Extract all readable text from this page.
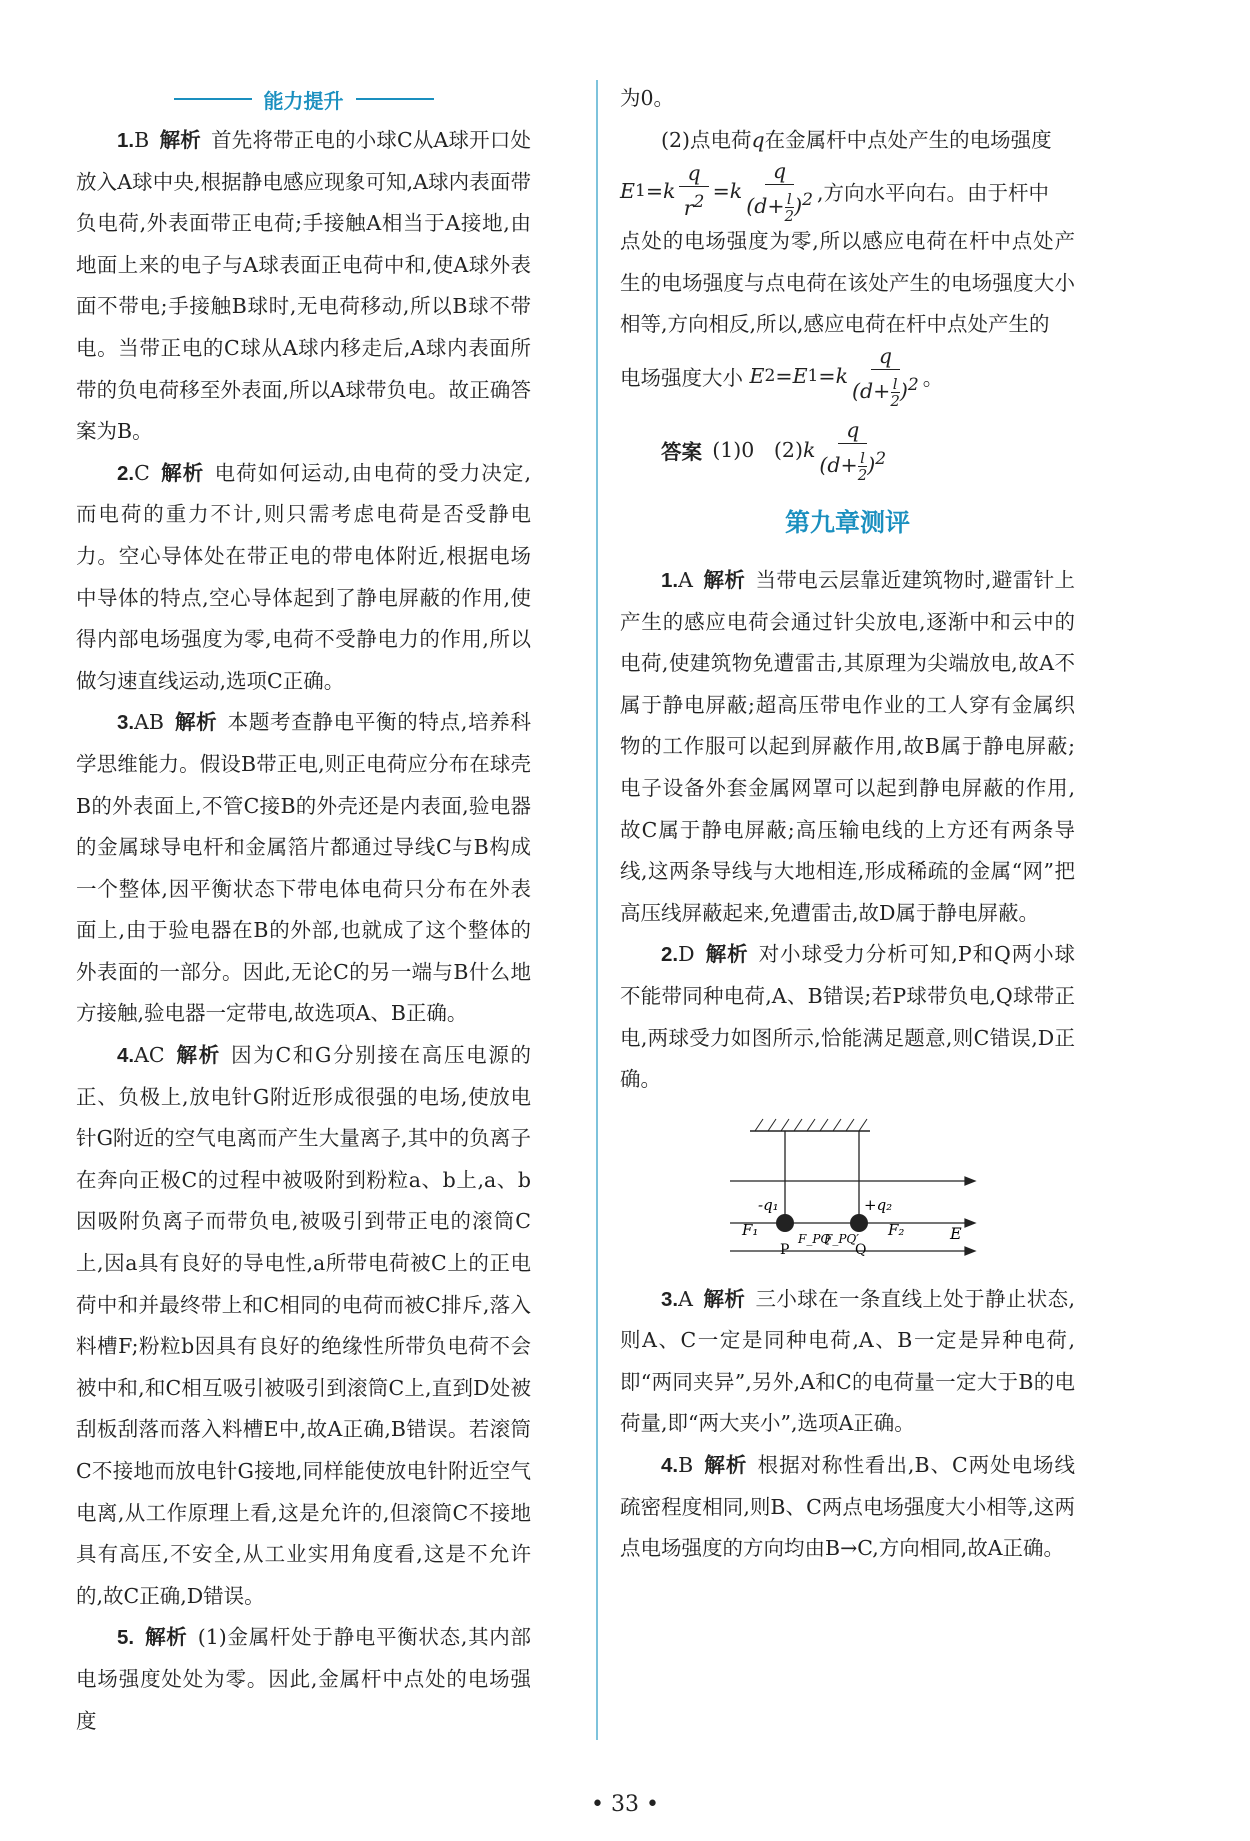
能力提升

1.B 解析 首先将带正电的小球C从A球开口处放入A球中央,根据静电感应现象可知,A球内表面带负电荷,外表面带正电荷;手接触A相当于A接地,由地面上来的电子与A球表面正电荷中和,使A球外表面不带电;手接触B球时,无电荷移动,所以B球不带电。当带正电的C球从A球内移走后,A球内表面所带的负电荷移至外表面,所以A球带负电。故正确答案为B。

2.C 解析 电荷如何运动,由电荷的受力决定,而电荷的重力不计,则只需考虑电荷是否受静电力。空心导体处在带正电的带电体附近,根据电场中导体的特点,空心导体起到了静电屏蔽的作用,使得内部电场强度为零,电荷不受静电力的作用,所以做匀速直线运动,选项C正确。

3.AB 解析 本题考查静电平衡的特点,培养科学思维能力。假设B带正电,则正电荷应分布在球壳B的外表面上,不管C接B的外壳还是内表面,验电器的金属球导电杆和金属箔片都通过导线C与B构成一个整体,因平衡状态下带电体电荷只分布在外表面上,由于验电器在B的外部,也就成了这个整体的外表面的一部分。因此,无论C的另一端与B什么地方接触,验电器一定带电,故选项A、B正确。

4.AC 解析 因为C和G分别接在高压电源的正、负极上,放电针G附近形成很强的电场,使放电针G附近的空气电离而产生大量离子,其中的负离子在奔向正极C的过程中被吸附到粉粒a、b上,a、b因吸附负离子而带负电,被吸引到带正电的滚筒C上,因a具有良好的导电性,a所带电荷被C上的正电荷中和并最终带上和C相同的电荷而被C排斥,落入料槽F;粉粒b因具有良好的绝缘性所带负电荷不会被中和,和C相互吸引被吸引到滚筒C上,直到D处被刮板刮落而落入料槽E中,故A正确,B错误。若滚筒C不接地而放电针G接地,同样能使放电针附近空气电离,从工作原理上看,这是允许的,但滚筒C不接地具有高压,不安全,从工业实用角度看,这是不允许的,故C正确,D错误。

5. 解析 (1)金属杆处于静电平衡状态,其内部电场强度处处为零。因此,金属杆中点处的电场强度

为0。

(2)点电荷q在金属杆中点处产生的电场强度

E 1 = k $\frac{q}{r^2} = k \frac{q}{(d+ \frac{l}{2} )^2}$ ,方向水平向右。由于杆中

点处的电场强度为零,所以感应电荷在杆中点处产生的电场强度与点电荷在该处产生的电场强度大小相等,方向相反,所以,感应电荷在杆中点处产生的

电场强度大小
E 2 = E 1 = k $\frac{q}{(d+ \frac{l}{2} )^2}$ 。
答案 (1)0
(2) k $\frac{q}{(d+ \frac{l}{2} )^2}$
第九章测评

1.A 解析 当带电云层靠近建筑物时,避雷针上产生的感应电荷会通过针尖放电,逐渐中和云中的电荷,使建筑物免遭雷击,其原理为尖端放电,故A不属于静电屏蔽;超高压带电作业的工人穿有金属织物的工作服可以起到屏蔽作用,故B属于静电屏蔽;电子设备外套金属网罩可以起到静电屏蔽的作用,故C属于静电屏蔽;高压输电线的上方还有两条导线,这两条导线与大地相连,形成稀疏的金属“网”把高压线屏蔽起来,免遭雷击,故D属于静电屏蔽。

2.D 解析 对小球受力分析可知,P和Q两小球不能带同种电荷,A、B错误;若P球带负电,Q球带正电,两球受力如图所示,恰能满足题意,则C错误,D正确。

-q₁	+q₂
F₁	F_PQ
F_PQ′ F₂	E
P	Q

3.A 解析 三小球在一条直线上处于静止状态,则A、C一定是同种电荷,A、B一定是异种电荷,即“两同夹异”,另外,A和C的电荷量一定大于B的电荷量,即“两大夹小”,选项A正确。

4.B 解析 根据对称性看出,B、C两处电场线疏密程度相同,则B、C两点电场强度大小相等,这两点电场强度的方向均由B→C,方向相同,故A正确。

• 33 •
